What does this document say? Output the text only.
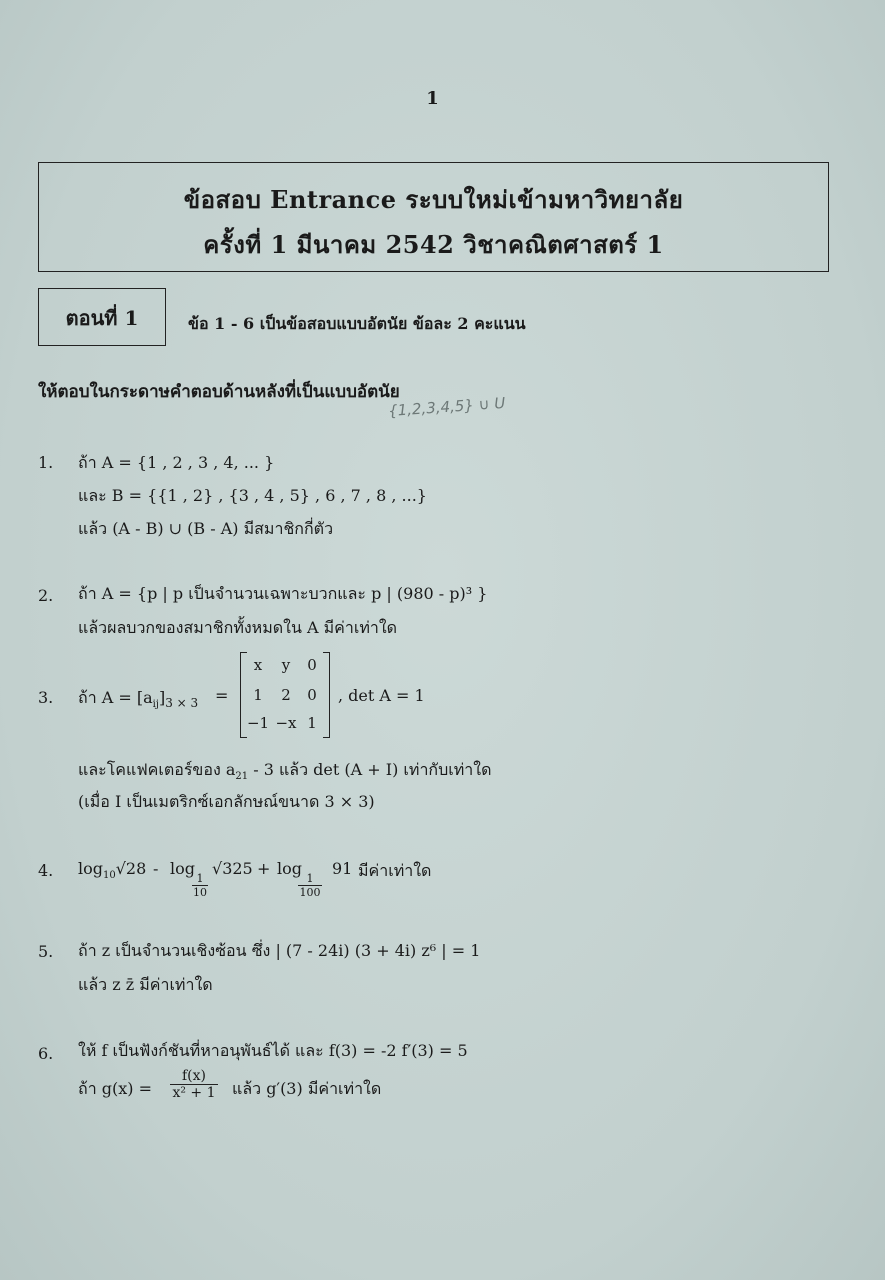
1
ข้อสอบ Entrance ระบบใหม่เข้ามหาวิทยาลัย
ครั้งที่ 1 มีนาคม 2542 วิชาคณิตศาสตร์ 1
ตอนที่ 1	ข้อ 1 - 6 เป็นข้อสอบแบบอัตนัย ข้อละ 2 คะแนน
ให้ตอบในกระดาษคำตอบด้านหลังที่เป็นแบบอัตนัย
{1,2,3,4,5} ∪ U
1. ถ้า A = {1 , 2 , 3 , 4, ... }
และ B = {{1 , 2} , {3 , 4 , 5} , 6 , 7 , 8 , ...}
แล้ว (A - B) ∪ (B - A) มีสมาชิกกี่ตัว
2. ถ้า A = {p | p เป็นจำนวนเฉพาะบวกและ p | (980 - p)³ }
แล้วผลบวกของสมาชิกทั้งหมดใน A มีค่าเท่าใด
3. ถ้า $A = [a_{ij}]_{3 \times 3}$ =
x	y	0
1	2	0
−1 −x 1
, det A = 1
และโคแฟคเตอร์ของ $a_{21} - 3$ แล้ว det (A + I) เท่ากับเท่าใด
(เมื่อ I เป็นเมตริกซ์เอกลักษณ์ขนาด 3 × 3)
4. $\log_{10}√28$ - log
$\frac{1}{10}$
√325 + log
$\frac{1}{100}$
91 มีค่าเท่าใด
5. ถ้า z เป็นจำนวนเชิงซ้อน ซึ่ง | (7 - 24i) (3 + 4i) z⁶ | = 1
แล้ว z z̄ มีค่าเท่าใด
6. ให้ f เป็นฟังก์ชันที่หาอนุพันธ์ได้ และ f(3) = -2 f′(3) = 5
ถ้า $g(x) = \frac{f(x)}{\text{x² + 1}}$ แล้ว g′(3) มีค่าเท่าใด
